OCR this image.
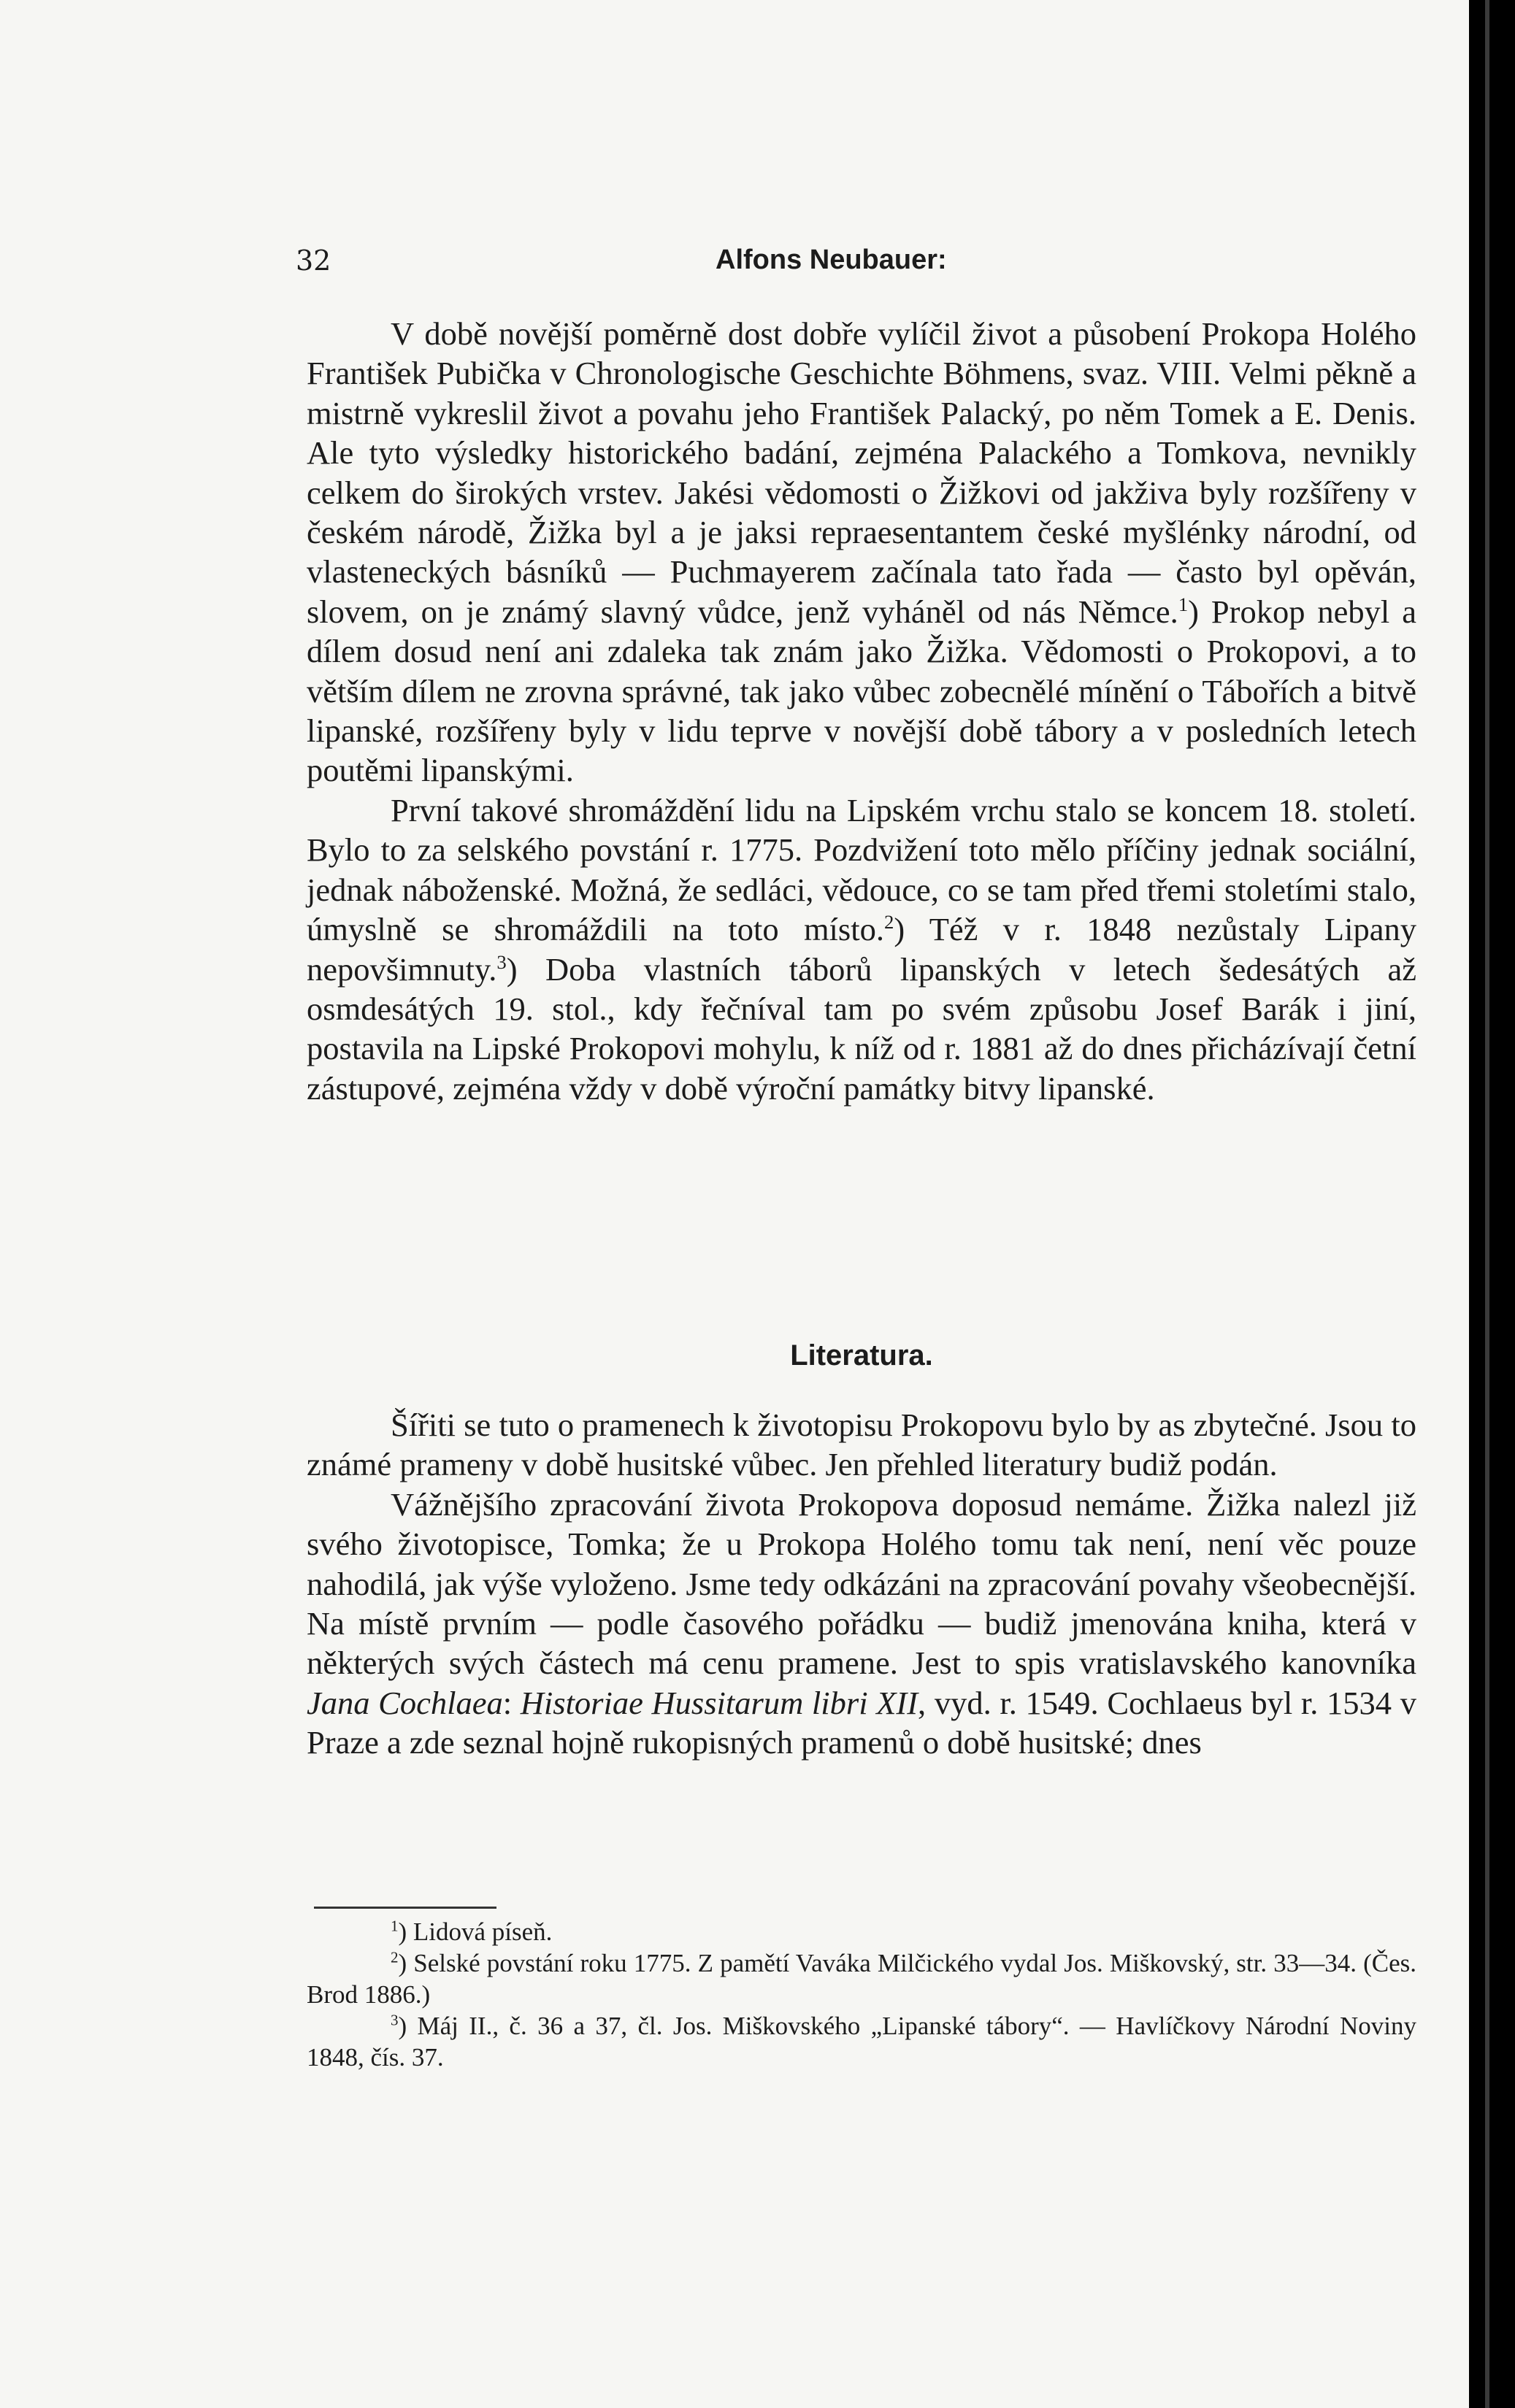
32	Alfons Neubauer:

V době novější poměrně dost dobře vylíčil život a působení Prokopa Holého František Pubička v Chronologische Geschichte Böhmens, svaz. VIII. Velmi pěkně a mistrně vykreslil život a povahu jeho František Palacký, po něm Tomek a E. Denis. Ale tyto výsledky historického badání, zejména Palackého a Tomkova, nevnikly celkem do širokých vrstev. Jakési vědomosti o Žižkovi od jakživa byly rozšířeny v českém národě, Žižka byl a je jaksi repraesentantem české myšlénky národní, od vlasteneckých básníků — Puchmayerem začínala tato řada — často byl opěván, slovem, on je známý slavný vůdce, jenž vyháněl od nás Němce.$^1$) Prokop nebyl a dílem dosud není ani zdaleka tak znám jako Žižka. Vědomosti o Prokopovi, a to větším dílem ne zrovna správné, tak jako vůbec zobecnělé mínění o Tábořích a bitvě lipanské, rozšířeny byly v lidu teprve v novější době tábory a v posledních letech poutěmi lipanskými.

První takové shromáždění lidu na Lipském vrchu stalo se koncem 18. století. Bylo to za selského povstání r. 1775. Pozdvižení toto mělo příčiny jednak sociální, jednak náboženské. Možná, že sedláci, vědouce, co se tam před třemi stoletími stalo, úmyslně se shromáždili na toto místo.$^2$) Též v r. 1848 nezůstaly Lipany nepovšimnuty.$^3$) Doba vlastních táborů lipanských v letech šedesátých až osmdesátých 19. stol., kdy řečníval tam po svém způsobu Josef Barák i jiní, postavila na Lipské Prokopovi mohylu, k níž od r. 1881 až do dnes přicházívají četní zástupové, zejména vždy v době výroční památky bitvy lipanské.

Literatura.

Šířiti se tuto o pramenech k životopisu Prokopovu bylo by as zbytečné. Jsou to známé prameny v době husitské vůbec. Jen přehled literatury budiž podán.

Vážnějšího zpracování života Prokopova doposud nemáme. Žižka nalezl již svého životopisce, Tomka; že u Prokopa Holého tomu tak není, není věc pouze nahodilá, jak výše vyloženo. Jsme tedy odkázáni na zpracování povahy všeobecnější. Na místě prvním — podle časového pořádku — budiž jmenována kniha, která v některých svých částech má cenu pramene. Jest to spis vratislavského kanovníka Jana Cochlaea: Historiae Hussitarum libri XII, vyd. r. 1549. Cochlaeus byl r. 1534 v Praze a zde seznal hojně rukopisných pramenů o době husitské; dnes

$^1$) Lidová píseň.

$^2$) Selské povstání roku 1775. Z pamětí Vaváka Milčického vydal Jos. Miškovský, str. 33—34. (Čes. Brod 1886.)

$^3$) Máj II., č. 36 a 37, čl. Jos. Miškovského „Lipanské tábory“. — Havlíčkovy Národní Noviny 1848, čís. 37.
